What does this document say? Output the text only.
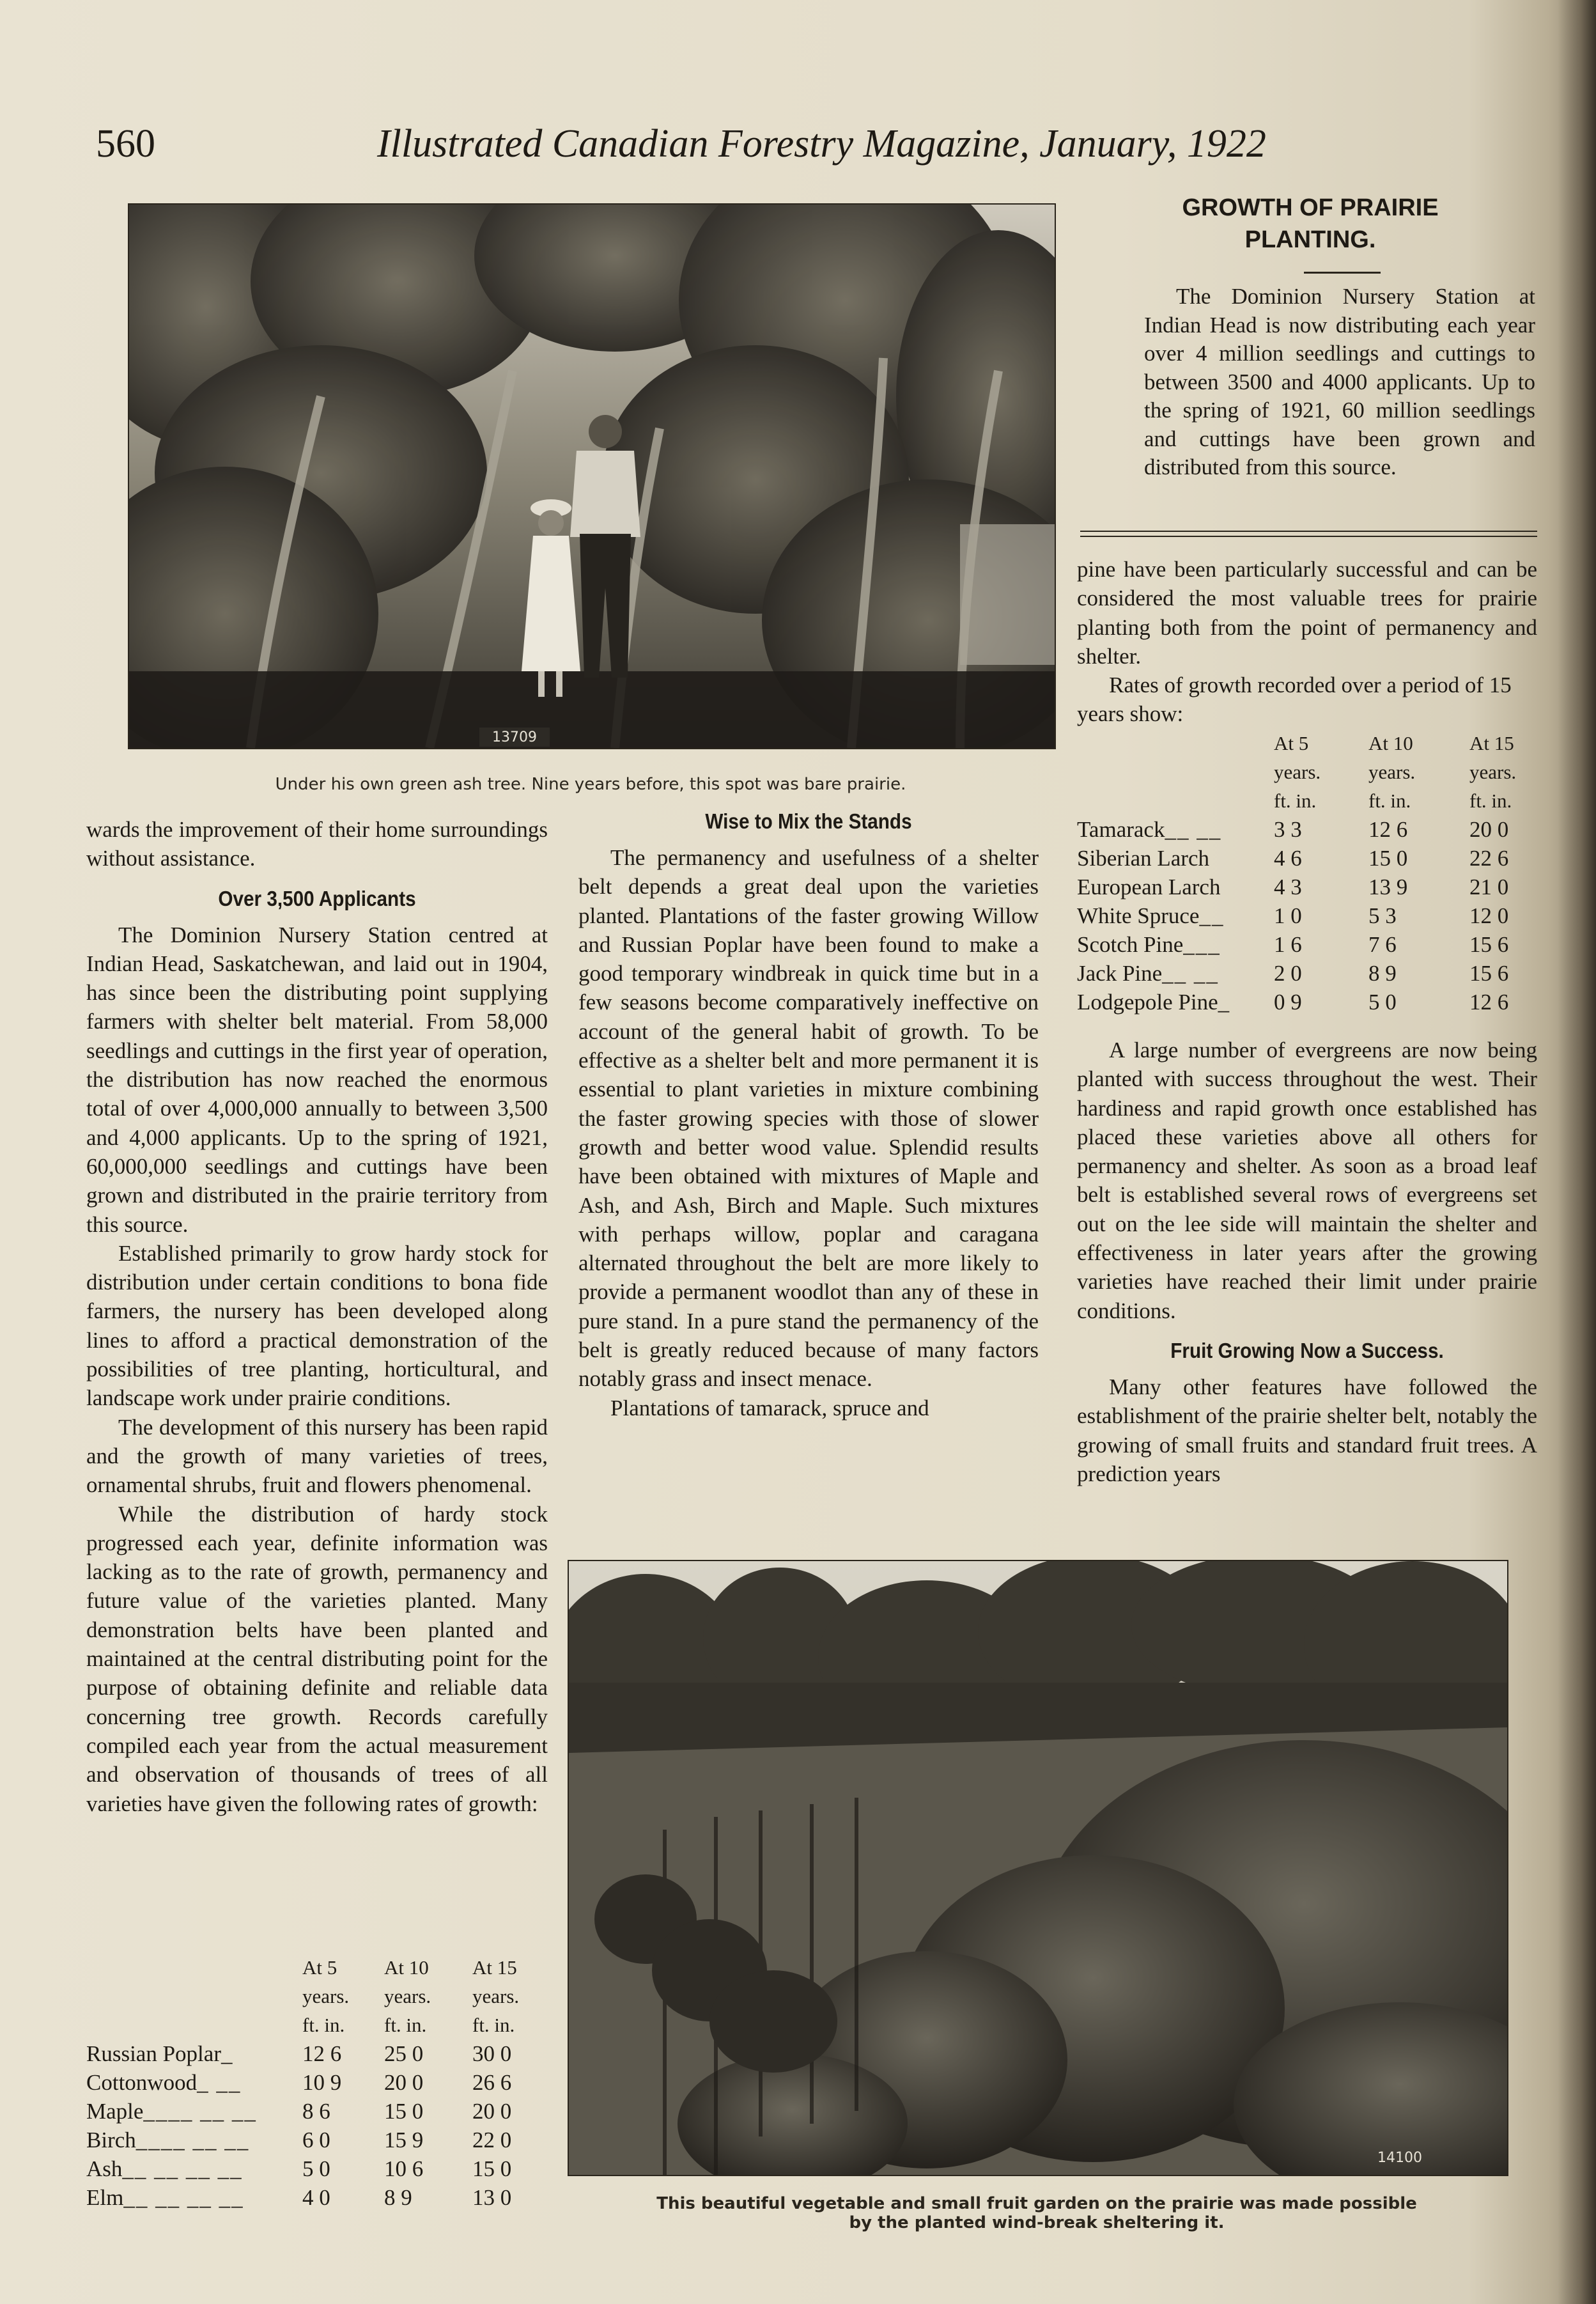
560	Illustrated Canadian Forestry Magazine, January, 1922
13709
Under his own green ash tree. Nine years before, this spot was bare prairie.
GROWTH OF PRAIRIE
PLANTING.

The Dominion Nursery Station at Indian Head is now distributing each year over 4 million seedlings and cuttings to between 3500 and 4000 applicants. Up to the spring of 1921, 60 million seedlings and cuttings have been grown and distributed from this source.

wards the improvement of their home surroundings without assistance.

Over 3,500 Applicants

The Dominion Nursery Station centred at Indian Head, Saskatchewan, and laid out in 1904, has since been the distributing point supplying farmers with shelter belt material. From 58,000 seedlings and cuttings in the first year of operation, the distribution has now reached the enormous total of over 4,000,000 annually to between 3,500 and 4,000 applicants. Up to the spring of 1921, 60,000,000 seedlings and cuttings have been grown and distributed in the prairie territory from this source.

Established primarily to grow hardy stock for distribution under certain conditions to bona fide farmers, the nursery has been developed along lines to afford a practical demonstration of the possibilities of tree planting, horticultural, and landscape work under prairie conditions.

The development of this nursery has been rapid and the growth of many varieties of trees, ornamental shrubs, fruit and flowers phenomenal.

While the distribution of hardy stock progressed each year, definite information was lacking as to the rate of growth, permanency and future value of the varieties planted. Many demonstration belts have been planted and maintained at the central distributing point for the purpose of obtaining definite and reliable data concerning tree growth. Records carefully compiled each year from the actual measurement and observation of thousands of trees of all varieties have given the following rates of growth:

	At 5	At 10	At 15
	years.	years.	years.
	ft. in.	ft. in.	ft. in.
Russian Poplar_	12 6	25 0	30 0
Cottonwood_ __	10 9	20 0	26 6
Maple____ __ __	8 6	15 0	20 0
Birch____ __ __	6 0	15 9	22 0
Ash__ __ __ __	5 0	10 6	15 0
Elm__ __ __ __	4 0	8 9	13 0
Wise to Mix the Stands

The permanency and usefulness of a shelter belt depends a great deal upon the varieties planted. Plantations of the faster growing Willow and Russian Poplar have been found to make a good temporary windbreak in quick time but in a few seasons become comparatively ineffective on account of the general habit of growth. To be effective as a shelter belt and more permanent it is essential to plant varieties in mixture combining the faster growing species with those of slower growth and better wood value. Splendid results have been obtained with mixtures of Maple and Ash, and Ash, Birch and Maple. Such mixtures with perhaps willow, poplar and caragana alternated throughout the belt are more likely to provide a permanent woodlot than any of these in pure stand. In a pure stand the permanency of the belt is greatly reduced because of many factors notably grass and insect menace.

Plantations of tamarack, spruce and

pine have been particularly successful and can be considered the most valuable trees for prairie planting both from the point of permanency and shelter.

Rates of growth recorded over a period of 15 years show:

	At 5	At 10	At 15
	years.	years.	years.
	ft. in.	ft. in.	ft. in.
Tamarack__ __	3 3	12 6	20 0
Siberian Larch	4 6	15 0	22 6
European Larch	4 3	13 9	21 0
White Spruce__	1 0	5 3	12 0
Scotch Pine___	1 6	7 6	15 6
Jack Pine__ __	2 0	8 9	15 6
Lodgepole Pine_	0 9	5 0	12 6

A large number of evergreens are now being planted with success throughout the west. Their hardiness and rapid growth once established has placed these varieties above all others for permanency and shelter. As soon as a broad leaf belt is established several rows of evergreens set out on the lee side will maintain the shelter and effectiveness in later years after the growing varieties have reached their limit under prairie conditions.

Fruit Growing Now a Success.

Many other features have followed the establishment of the prairie shelter belt, notably the growing of small fruits and standard fruit trees. A prediction years

14100
This beautiful vegetable and small fruit garden on the prairie was made possible
by the planted wind-break sheltering it.
